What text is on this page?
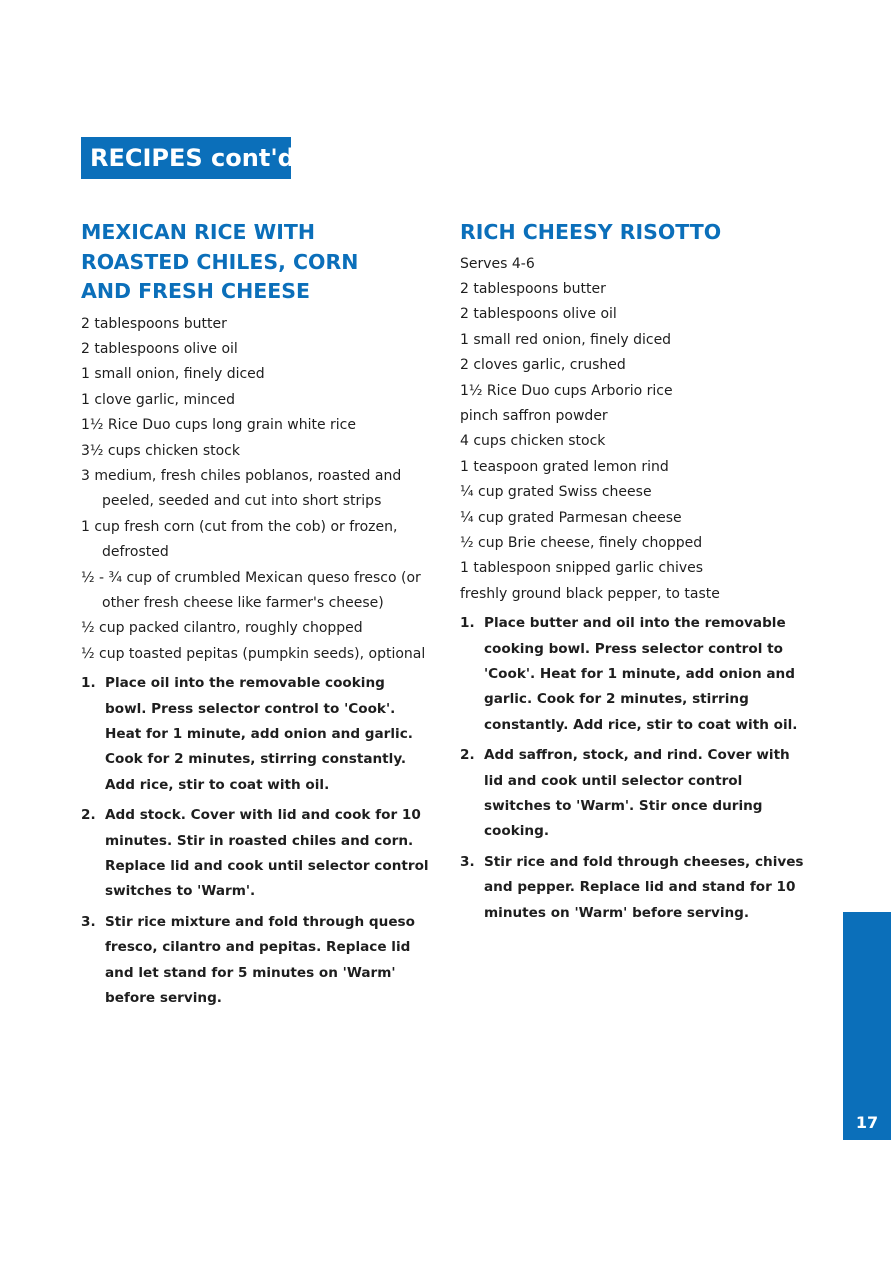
RECIPES cont'd
MEXICAN RICE WITH
ROASTED CHILES, CORN
AND FRESH CHEESE
2 tablespoons butter
2 tablespoons olive oil
1 small onion, finely diced
1 clove garlic, minced
1½ Rice Duo cups long grain white rice
3½ cups chicken stock
3 medium, fresh chiles poblanos, roasted and peeled, seeded and cut into short strips
1 cup fresh corn (cut from the cob) or frozen, defrosted
½ - ¾ cup of crumbled Mexican queso fresco (or other fresh cheese like farmer's cheese)
½ cup packed cilantro, roughly chopped
½ cup toasted pepitas (pumpkin seeds), optional
1. Place oil into the removable cooking bowl. Press selector control to 'Cook'. Heat for 1 minute, add onion and garlic. Cook for 2 minutes, stirring constantly. Add rice, stir to coat with oil.
2. Add stock. Cover with lid and cook for 10 minutes. Stir in roasted chiles and corn. Replace lid and cook until selector control switches to 'Warm'.
3. Stir rice mixture and fold through queso fresco, cilantro and pepitas. Replace lid and let stand for 5 minutes on 'Warm' before serving.
RICH CHEESY RISOTTO
Serves 4-6
2 tablespoons butter
2 tablespoons olive oil
1 small red onion, finely diced
2 cloves garlic, crushed
1½ Rice Duo cups Arborio rice
pinch saffron powder
4 cups chicken stock
1 teaspoon grated lemon rind
¼ cup grated Swiss cheese
¼ cup grated Parmesan cheese
½ cup Brie cheese, finely chopped
1 tablespoon snipped garlic chives
freshly ground black pepper, to taste
1. Place butter and oil into the removable cooking bowl. Press selector control to 'Cook'. Heat for 1 minute, add onion and garlic. Cook for 2 minutes, stirring constantly. Add rice, stir to coat with oil.
2. Add saffron, stock, and rind. Cover with lid and cook until selector control switches to 'Warm'. Stir once during cooking.
3. Stir rice and fold through cheeses, chives and pepper. Replace lid and stand for 10 minutes on 'Warm' before serving.
17
